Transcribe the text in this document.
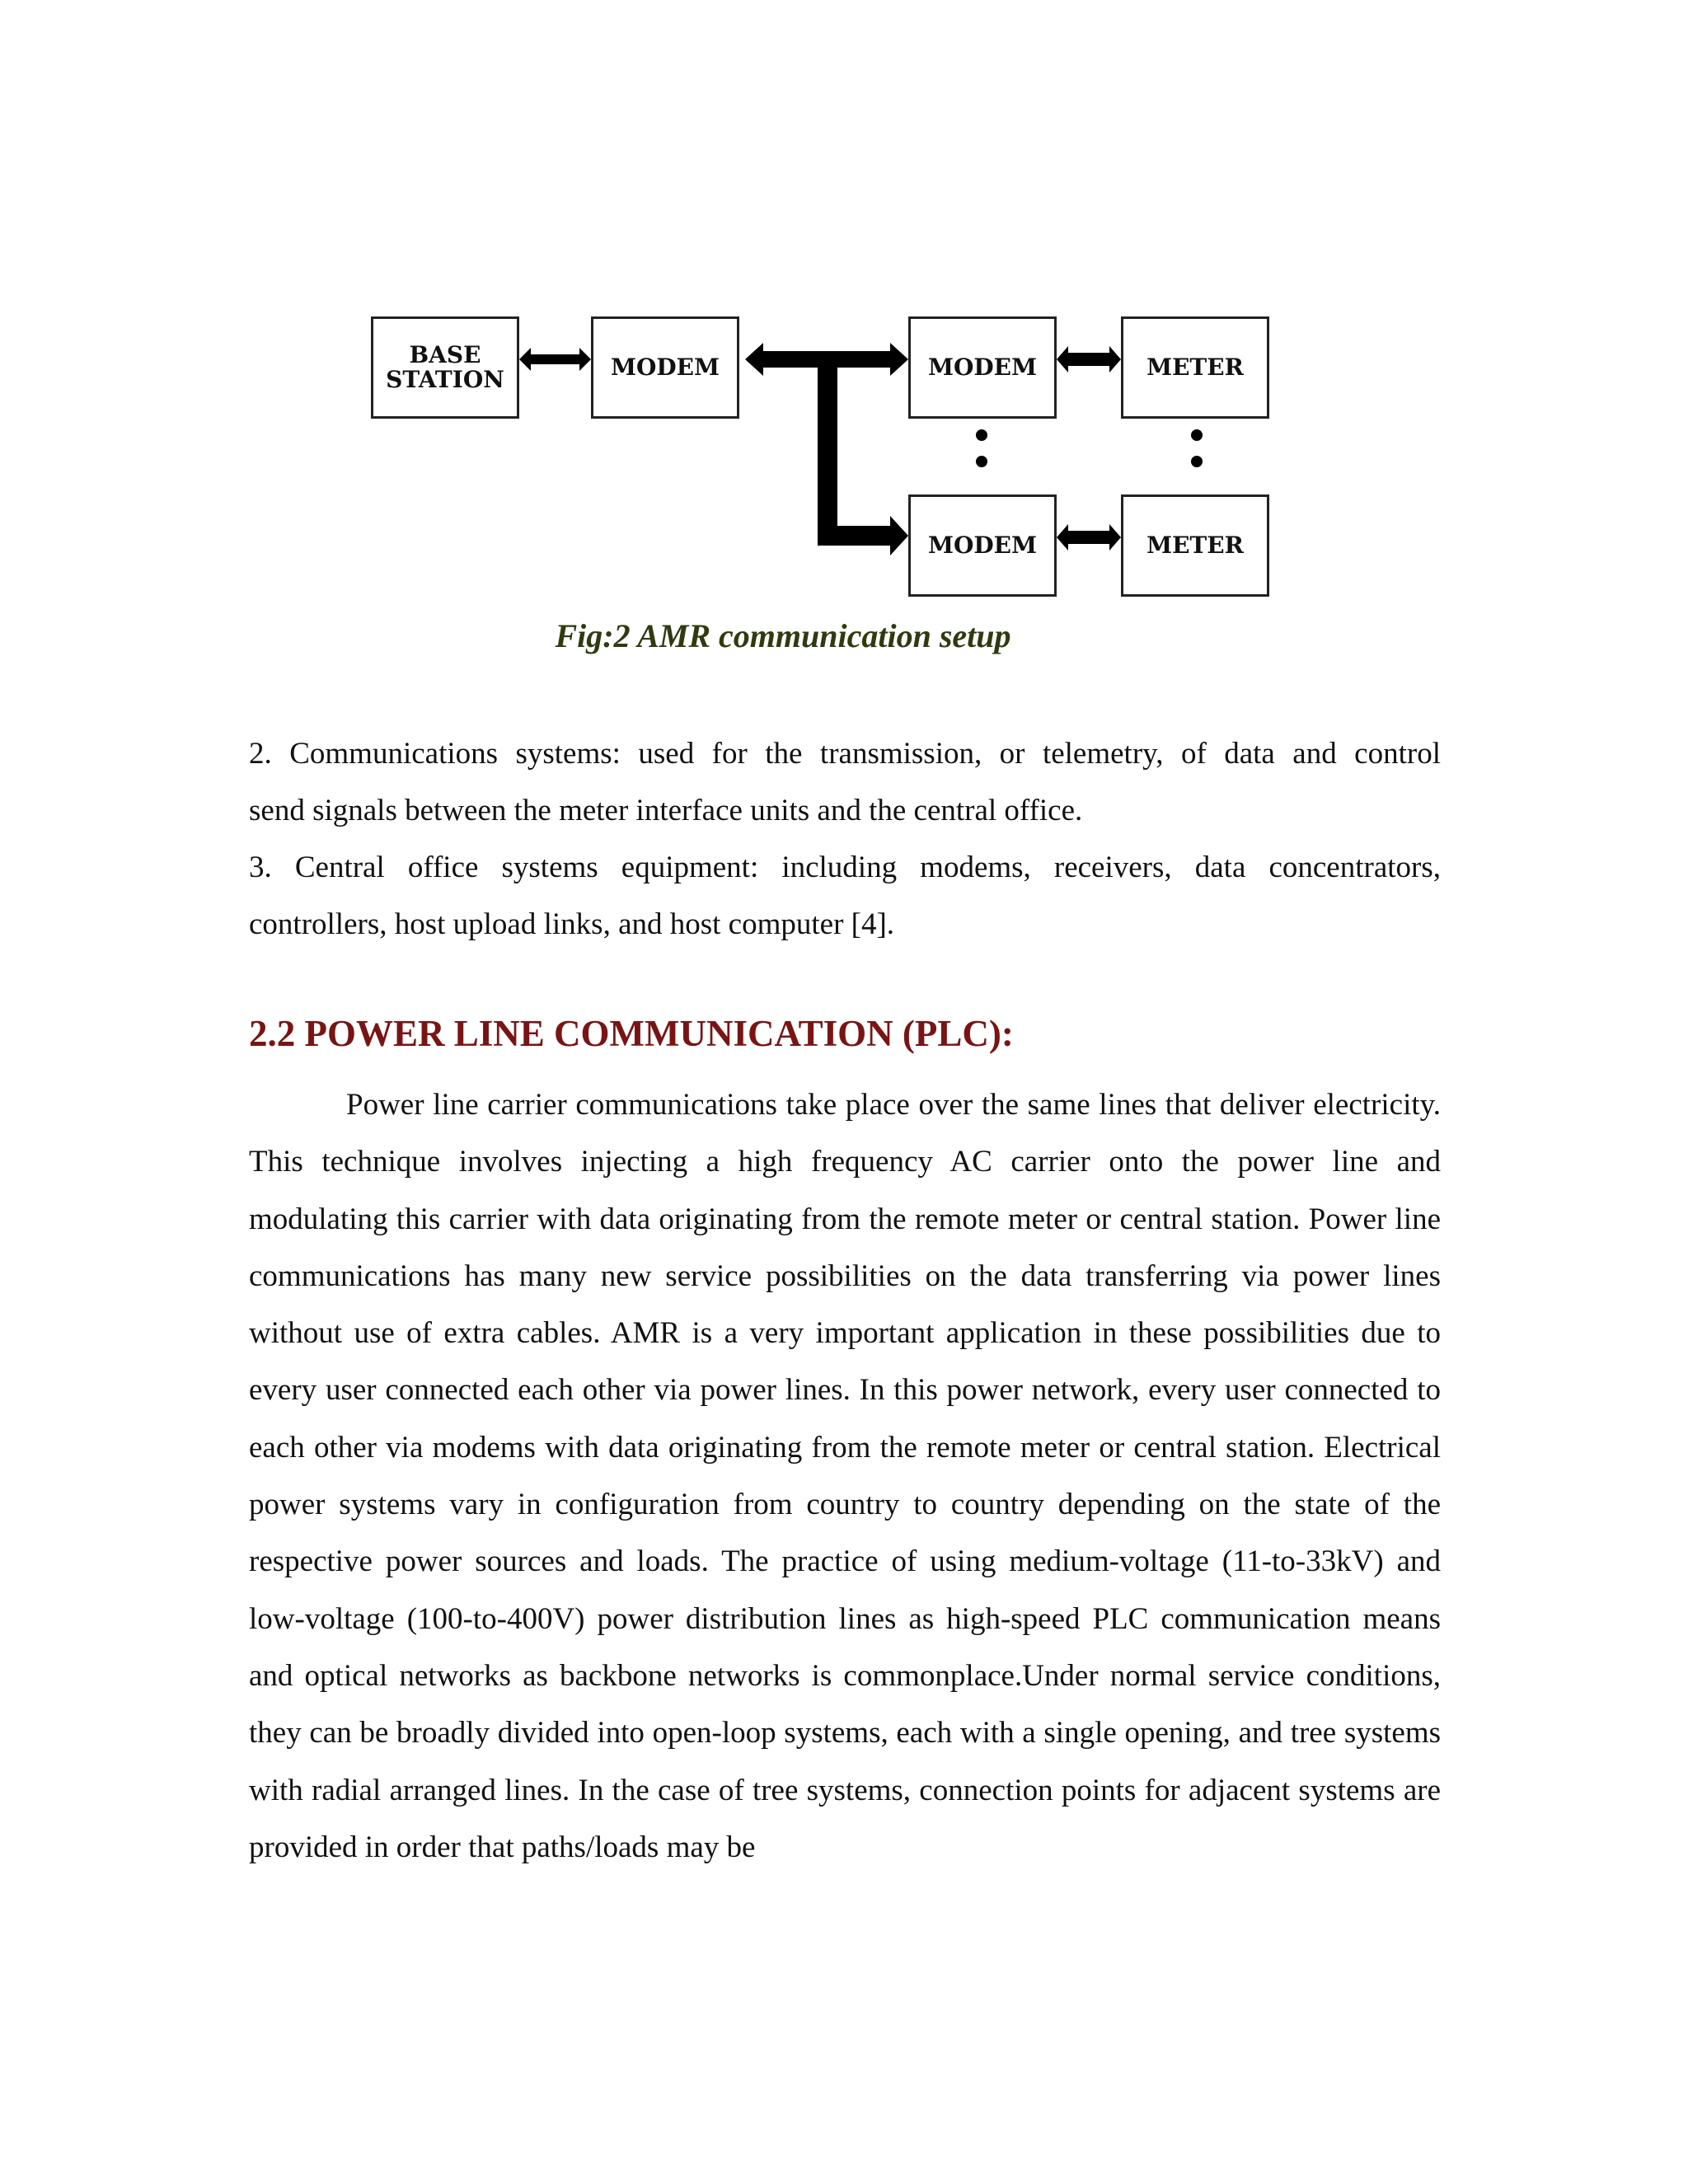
BASE
STATION	MODEM	MODEM	METER
MODEM	METER
Fig:2 AMR communication setup
2. Communications systems: used for the transmission, or telemetry, of data and control
send signals between the meter interface units and the central office.
3. Central office systems equipment: including modems, receivers, data concentrators,
controllers, host upload links, and host computer [4].
2.2 POWER LINE COMMUNICATION (PLC):
Power line carrier communications take place over the same lines that deliver electricity. This technique involves injecting a high frequency AC carrier onto the power line and modulating this carrier with data originating from the remote meter or central station. Power line communications has many new service possibilities on the data transferring via power lines without use of extra cables. AMR is a very important application in these possibilities due to every user connected each other via power lines. In this power network, every user connected to each other via modems with data originating from the remote meter or central station. Electrical power systems vary in configuration from country to country depending on the state of the respective power sources and loads. The practice of using medium-voltage (11-to-33kV) and low-voltage (100-to-400V) power distribution lines as high-speed PLC communication means and optical networks as backbone networks is commonplace.Under normal service conditions, they can be broadly divided into open-loop systems, each with a single opening, and tree systems with radial arranged lines. In the case of tree systems, connection points for adjacent systems are provided in order that paths/loads may be
